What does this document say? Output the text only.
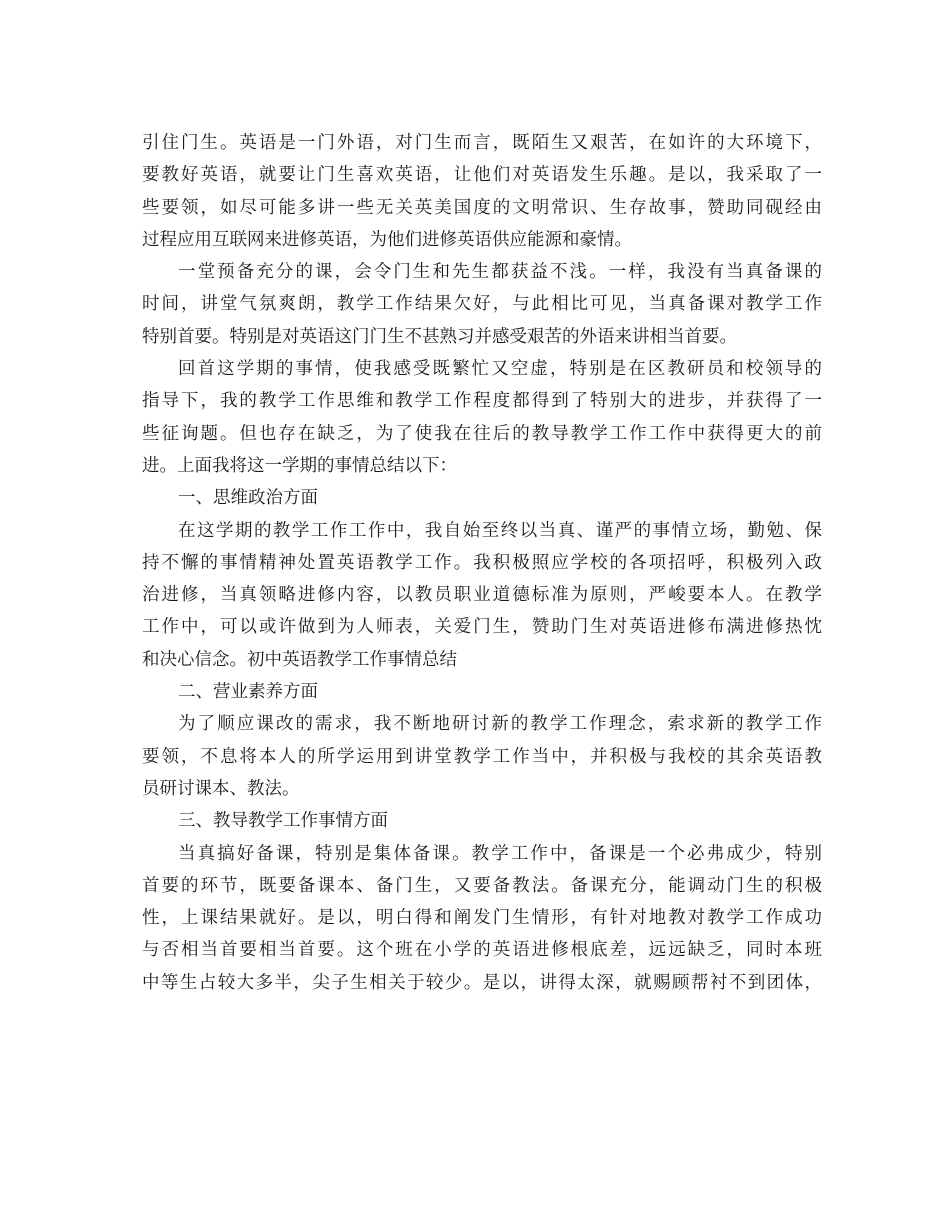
引住门生。英语是一门外语，对门生而言，既陌生又艰苦，在如许的大环境下，
要教好英语，就要让门生喜欢英语，让他们对英语发生乐趣。是以，我采取了一
些要领，如尽可能多讲一些无关英美国度的文明常识、生存故事，赞助同砚经由
过程应用互联网来进修英语，为他们进修英语供应能源和豪情。
一堂预备充分的课，会令门生和先生都获益不浅。一样，我没有当真备课的
时间，讲堂气氛爽朗，教学工作结果欠好，与此相比可见，当真备课对教学工作
特别首要。特别是对英语这门门生不甚熟习并感受艰苦的外语来讲相当首要。
回首这学期的事情，使我感受既繁忙又空虚，特别是在区教研员和校领导的
指导下，我的教学工作思维和教学工作程度都得到了特别大的进步，并获得了一
些征询题。但也存在缺乏，为了使我在往后的教导教学工作工作中获得更大的前
进。上面我将这一学期的事情总结以下：
一、思维政治方面
在这学期的教学工作工作中，我自始至终以当真、谨严的事情立场，勤勉、保
持不懈的事情精神处置英语教学工作。我积极照应学校的各项招呼，积极列入政
治进修，当真领略进修内容，以教员职业道德标准为原则，严峻要本人。在教学
工作中，可以或许做到为人师表，关爱门生，赞助门生对英语进修布满进修热忱
和决心信念。初中英语教学工作事情总结
二、营业素养方面
为了顺应课改的需求，我不断地研讨新的教学工作理念，索求新的教学工作
要领，不息将本人的所学运用到讲堂教学工作当中，并积极与我校的其余英语教
员研讨课本、教法。
三、教导教学工作事情方面
当真搞好备课，特别是集体备课。教学工作中，备课是一个必弗成少，特别
首要的环节，既要备课本、备门生，又要备教法。备课充分，能调动门生的积极
性，上课结果就好。是以，明白得和阐发门生情形，有针对地教对教学工作成功
与否相当首要相当首要。这个班在小学的英语进修根底差，远远缺乏，同时本班
中等生占较大多半，尖子生相关于较少。是以，讲得太深，就赐顾帮衬不到团体，
